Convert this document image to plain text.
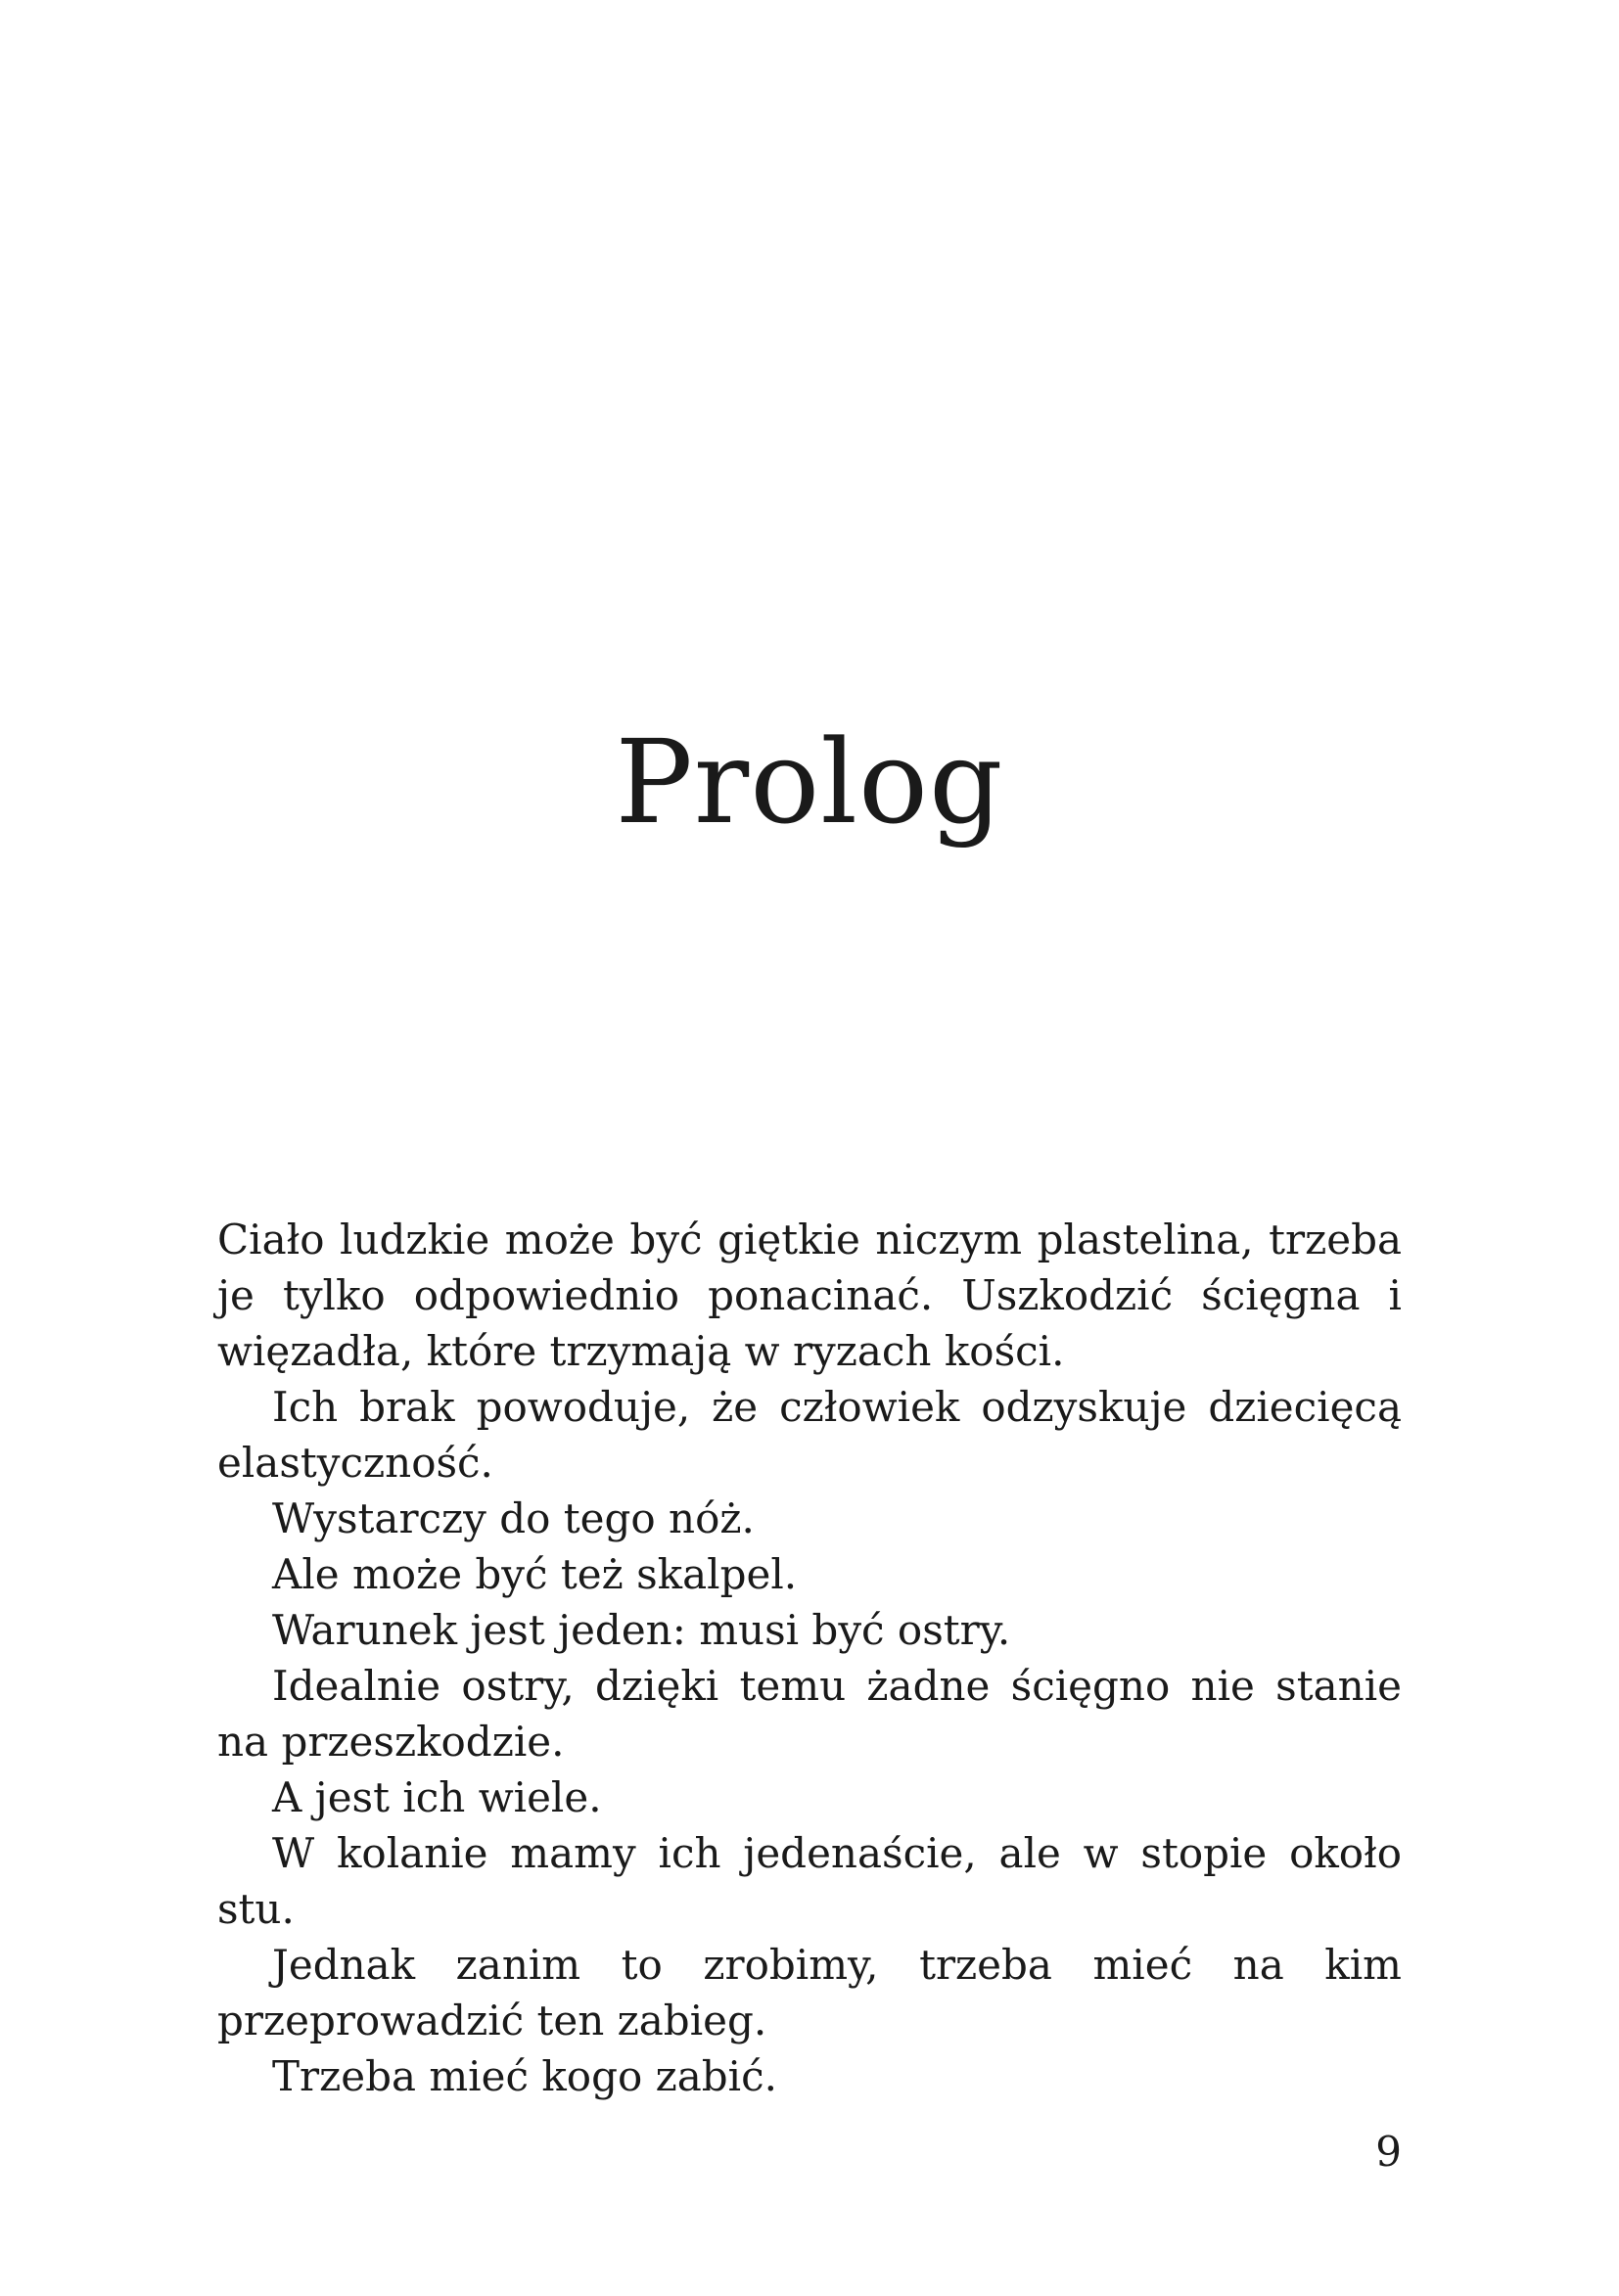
Prolog

Ciało ludzkie może być giętkie niczym plastelina, trzeba je tylko odpowiednio ponacinać. Uszkodzić ścięgna i więzadła, które trzymają w ryzach kości.

Ich brak powoduje, że człowiek odzyskuje dziecięcą elastyczność.

Wystarczy do tego nóż.

Ale może być też skalpel.

Warunek jest jeden: musi być ostry.

Idealnie ostry, dzięki temu żadne ścięgno nie stanie na przeszkodzie.

A jest ich wiele.

W kolanie mamy ich jedenaście, ale w stopie około stu.

Jednak zanim to zrobimy, trzeba mieć na kim przeprowadzić ten zabieg.

Trzeba mieć kogo zabić.

9
